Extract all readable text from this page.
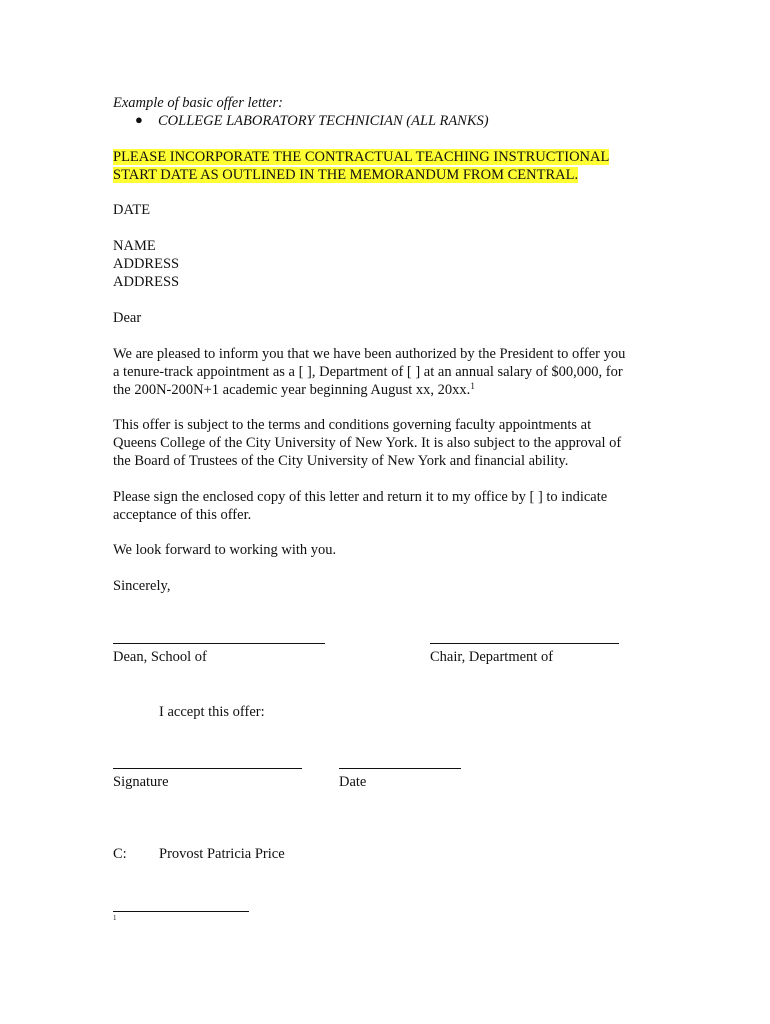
Example of basic offer letter:
● COLLEGE LABORATORY TECHNICIAN (ALL RANKS)
PLEASE INCORPORATE THE CONTRACTUAL TEACHING INSTRUCTIONAL
START DATE AS OUTLINED IN THE MEMORANDUM FROM CENTRAL.
DATE
NAME
ADDRESS
ADDRESS
Dear
We are pleased to inform you that we have been authorized by the President to offer you
a tenure-track appointment as a [ ], Department of [ ] at an annual salary of $00,000, for
the 200N-200N+1 academic year beginning August xx, 20xx.$^1$
This offer is subject to the terms and conditions governing faculty appointments at
Queens College of the City University of New York. It is also subject to the approval of
the Board of Trustees of the City University of New York and financial ability.
Please sign the enclosed copy of this letter and return it to my office by [ ] to indicate
acceptance of this offer.
We look forward to working with you.
Sincerely,
Dean, School of	Chair, Department of
I accept this offer:
Signature	Date
C: Provost Patricia Price
1
